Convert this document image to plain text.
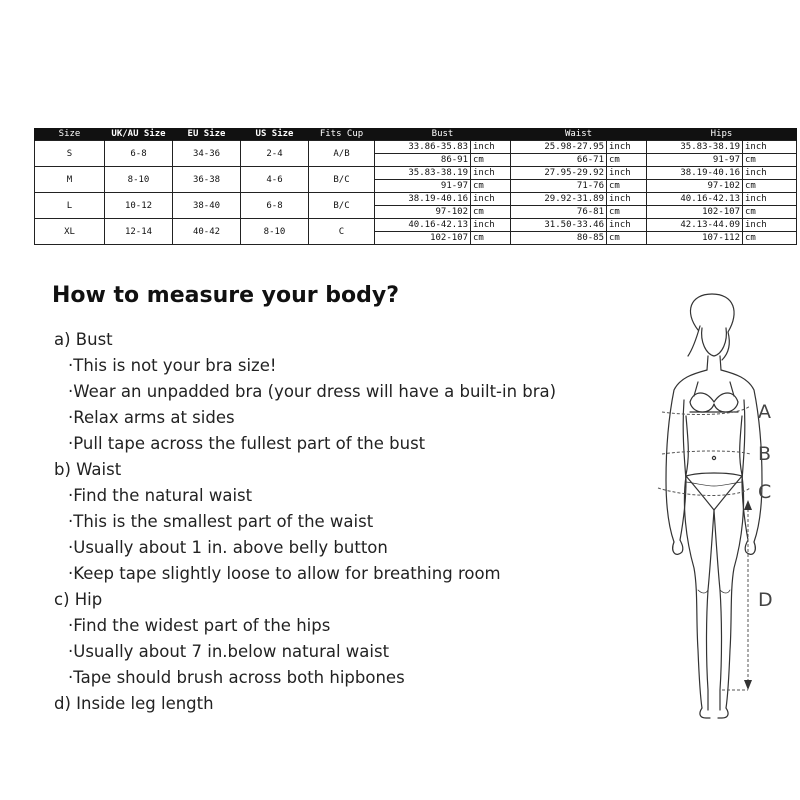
Size	UK/AU Size	EU Size	US Size	Fits Cup	Bust		Waist		Hips	
S	6-8	34-36	2-4	A/B	33.86-35.83	inch	25.98-27.95	inch	35.83-38.19	inch
					86-91	cm	66-71	cm	91-97	cm
M	8-10	36-38	4-6	B/C	35.83-38.19	inch	27.95-29.92	inch	38.19-40.16	inch
					91-97	cm	71-76	cm	97-102	cm
L	10-12	38-40	6-8	B/C	38.19-40.16	inch	29.92-31.89	inch	40.16-42.13	inch
					97-102	cm	76-81	cm	102-107	cm
XL	12-14	40-42	8-10	C	40.16-42.13	inch	31.50-33.46	inch	42.13-44.09	inch
					102-107	cm	80-85	cm	107-112	cm
How to measure your body?
a) Bust
·This is not your bra size!
·Wear an unpadded bra (your dress will have a built-in bra)
·Relax arms at sides
·Pull tape across the fullest part of the bust
b) Waist
·Find the natural waist
·This is the smallest part of the waist
·Usually about 1 in. above belly button
·Keep tape slightly loose to allow for breathing room
c) Hip
·Find the widest part of the hips
·Usually about 7 in.below natural waist
·Tape should brush across both hipbones
d) Inside leg length
A
B
C
D
